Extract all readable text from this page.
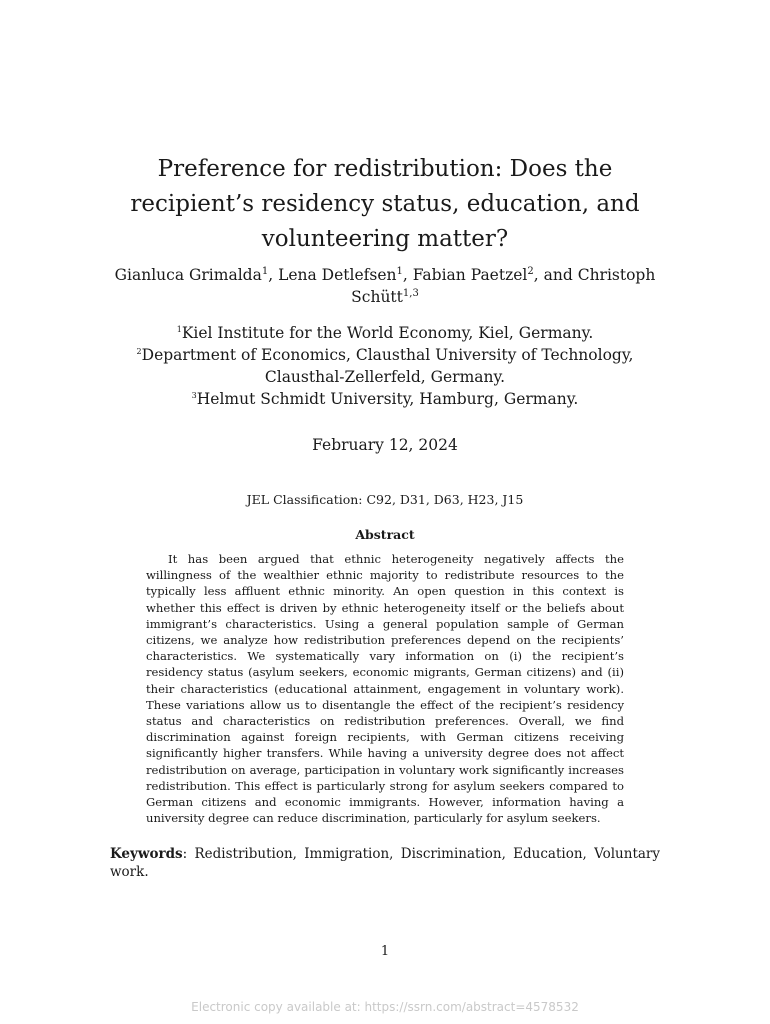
Preference for redistribution: Does the recipient’s residency status, education, and volunteering matter?
Gianluca Grimalda$^1$, Lena Detlefsen$^1$, Fabian Paetzel$^2$, and Christoph Schütt$^{1,3}$
$^1$Kiel Institute for the World Economy, Kiel, Germany.
$^2$Department of Economics, Clausthal University of Technology, Clausthal-Zellerfeld, Germany.
$^3$Helmut Schmidt University, Hamburg, Germany.
February 12, 2024
JEL Classification: C92, D31, D63, H23, J15
Abstract

It has been argued that ethnic heterogeneity negatively affects the willingness of the wealthier ethnic majority to redistribute resources to the typically less affluent ethnic minority. An open question in this context is whether this effect is driven by ethnic heterogeneity itself or the beliefs about immigrant’s characteristics. Using a general population sample of German citizens, we analyze how redistribution preferences depend on the recipients’ characteristics. We systematically vary information on (i) the recipient’s residency status (asylum seekers, economic migrants, German citizens) and (ii) their characteristics (educational attainment, engagement in voluntary work). These variations allow us to disentangle the effect of the recipient’s residency status and characteristics on redistribution preferences. Overall, we find discrimination against foreign recipients, with German citizens receiving significantly higher transfers. While having a university degree does not affect redistribution on average, participation in voluntary work significantly increases redistribution. This effect is particularly strong for asylum seekers compared to German citizens and economic immigrants. However, information having a university degree can reduce discrimination, particularly for asylum seekers.

Keywords: Redistribution, Immigration, Discrimination, Education, Voluntary work.

1
Electronic copy available at: https://ssrn.com/abstract=4578532
